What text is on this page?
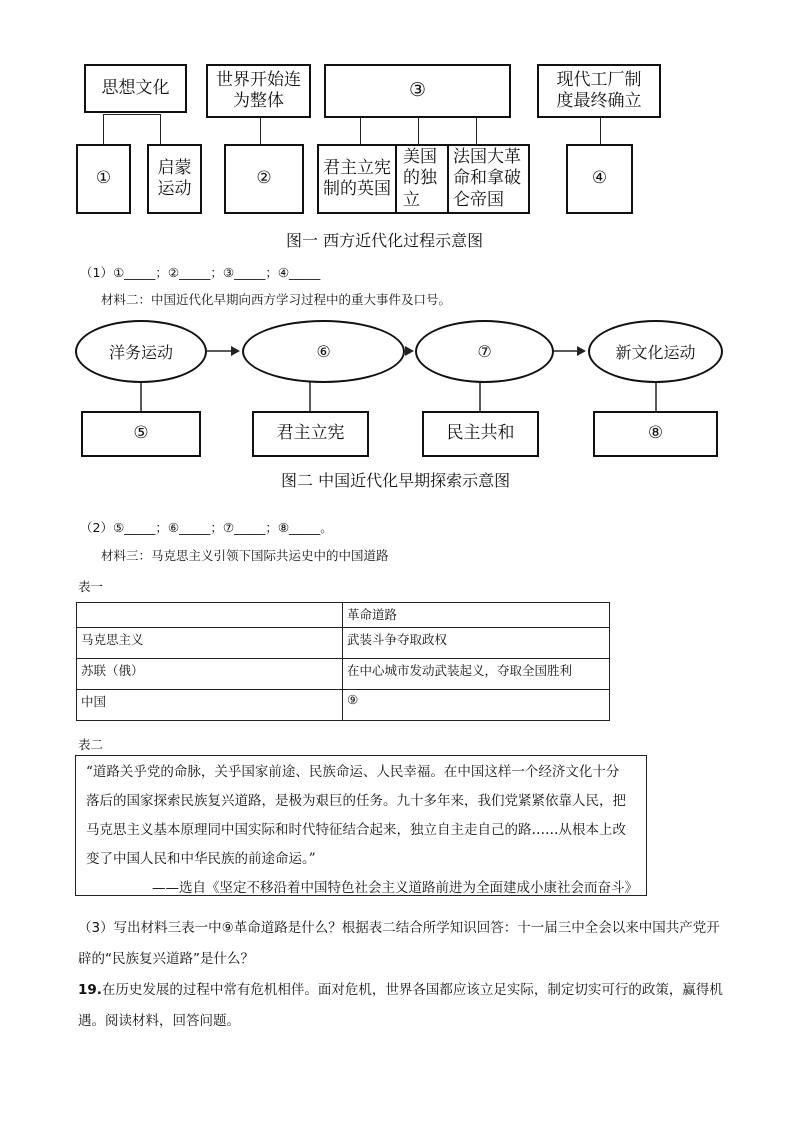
思想文化	世界开始连为整体	③	现代工厂制度最终确立
①
启蒙运动
②
君主立宪制的英国
美国的独立
法国大革命和拿破仑帝国
④
图一 西方近代化过程示意图
（1）①_____；②_____；③_____；④_____
材料二：中国近代化早期向西方学习过程中的重大事件及口号。
洋务运动	⑥	⑦	新文化运动
⑤	君主立宪	民主共和	⑧
图二 中国近代化早期探索示意图
（2）⑤_____；⑥_____；⑦_____；⑧_____。
材料三：马克思主义引领下国际共运史中的中国道路
表一
	革命道路
马克思主义	武装斗争夺取政权
苏联（俄）	在中心城市发动武装起义，夺取全国胜利
中国	⑨
表二
“道路关乎党的命脉，关乎国家前途、民族命运、人民幸福。在中国这样一个经济文化十分
落后的国家探索民族复兴道路，是极为艰巨的任务。九十多年来，我们党紧紧依靠人民，把
马克思主义基本原理同中国实际和时代特征结合起来，独立自主走自己的路……从根本上改
变了中国人民和中华民族的前途命运。”
——选自《坚定不移沿着中国特色社会主义道路前进为全面建成小康社会而奋斗》
（3）写出材料三表一中⑨革命道路是什么？根据表二结合所学知识回答：十一届三中全会以来中国共产党开辟的“民族复兴道路”是什么？
19.在历史发展的过程中常有危机相伴。面对危机，世界各国都应该立足实际，制定切实可行的政策，赢得机遇。阅读材料，回答问题。
